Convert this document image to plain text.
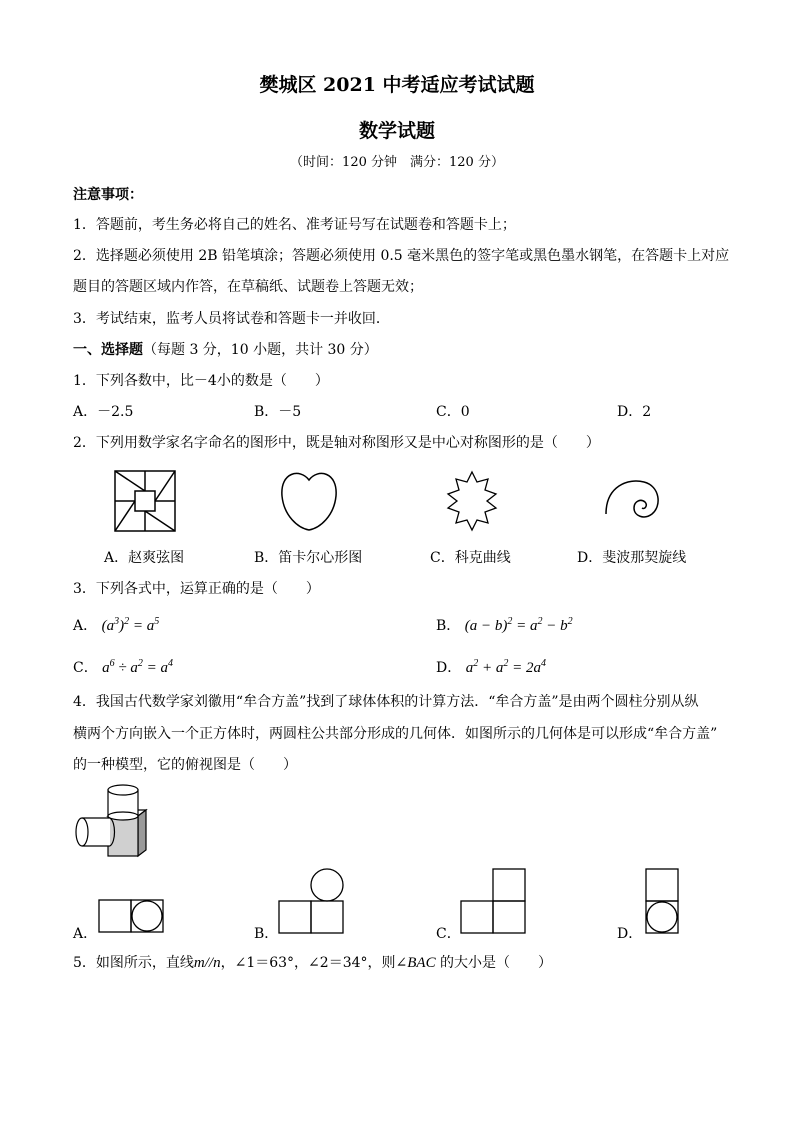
樊城区 2021 中考适应考试试题
数学试题
（时间：120 分钟　满分：120 分）
注意事项：
1．答题前，考生务必将自己的姓名、准考证号写在试题卷和答题卡上；
2．选择题必须使用 2B 铅笔填涂；答题必须使用 0.5 毫米黑色的签字笔或黑色墨水钢笔，在答题卡上对应
题目的答题区域内作答，在草稿纸、试题卷上答题无效；
3．考试结束，监考人员将试卷和答题卡一并收回．
一、选择题（每题 3 分，10 小题，共计 30 分）
1．下列各数中，比－4小的数是（　　）
A．－2.5	B．－5	C．0	D．2
2．下列用数学家名字命名的图形中，既是轴对称图形又是中心对称图形的是（　　）
A．赵爽弦图	B．笛卡尔心形图	C．科克曲线	D．斐波那契旋线
3．下列各式中，运算正确的是（　　）
A． $(a^3)^2 = a^5$	B． $(a - b)^2 = a^2 - b^2$
C． $a^6 \div a^2 = a^4$	D． $a^2 + a^2 = 2a^4$
4．我国古代数学家刘徽用“牟合方盖”找到了球体体积的计算方法．“牟合方盖”是由两个圆柱分别从纵
横两个方向嵌入一个正方体时，两圆柱公共部分形成的几何体．如图所示的几何体是可以形成“牟合方盖”
的一种模型，它的俯视图是（　　）
A．	B．	C．	D．
5．如图所示，直线m//n，∠1＝63°，∠2＝34°，则∠BAC 的大小是（　　）
